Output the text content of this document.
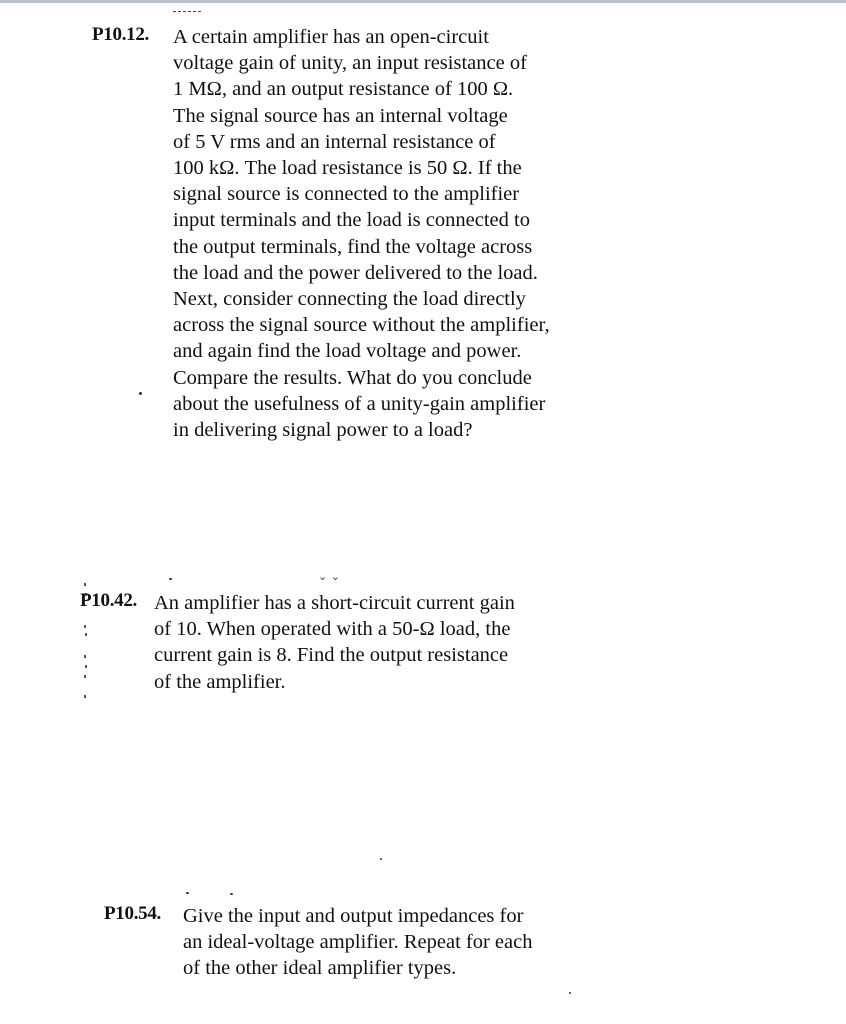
P10.12. A certain amplifier has an open-circuit
voltage gain of unity, an input resistance of
1 MΩ, and an output resistance of 100 Ω.
The signal source has an internal voltage
of 5 V rms and an internal resistance of
100 kΩ. The load resistance is 50 Ω. If the
signal source is connected to the amplifier
input terminals and the load is connected to
the output terminals, find the voltage across
the load and the power delivered to the load.
Next, consider connecting the load directly
across the signal source without the amplifier,
and again find the load voltage and power.
Compare the results. What do you conclude
about the usefulness of a unity-gain amplifier
in delivering signal power to a load?

⌄ ⌄
P10.42. An amplifier has a short-circuit current gain
of 10. When operated with a 50-Ω load, the
current gain is 8. Find the output resistance
of the amplifier.

P10.54. Give the input and output impedances for
an ideal-voltage amplifier. Repeat for each
of the other ideal amplifier types.
